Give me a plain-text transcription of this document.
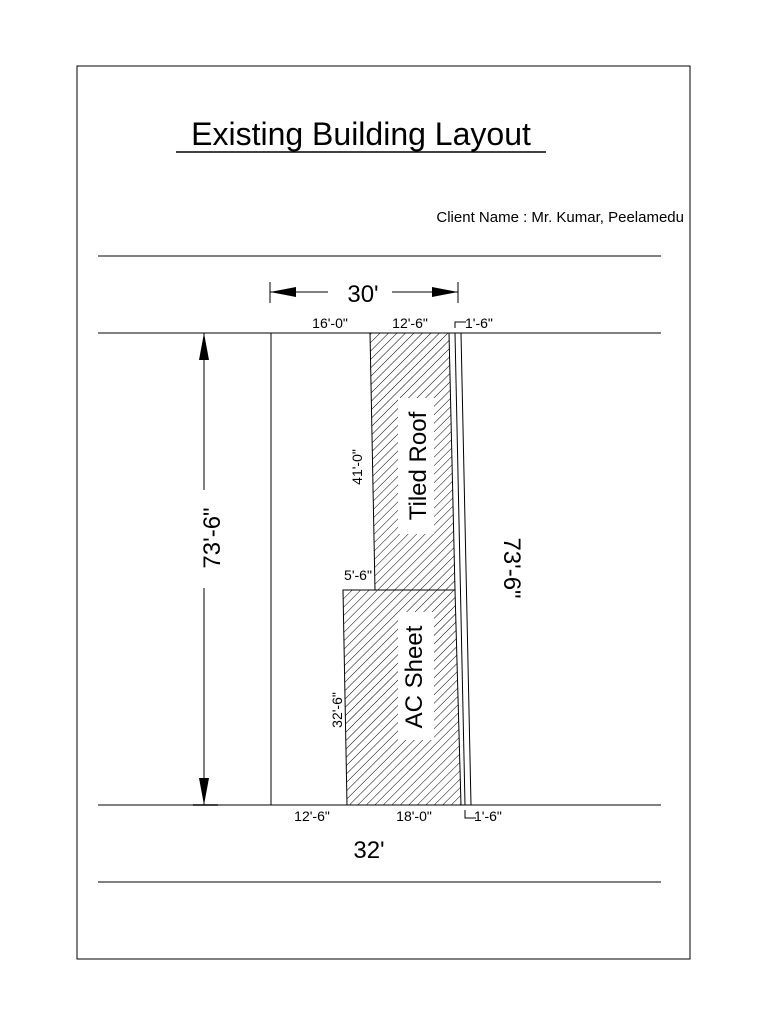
Existing Building Layout
Client Name : Mr. Kumar, Peelamedu
30'
73'-6"
Tiled Roof
AC Sheet
16'-0"	12'-6"	1'-6"
41'-0"
5'-6"
32'-6"
73'-6"
12'-6"	18'-0"	1'-6"
32'
